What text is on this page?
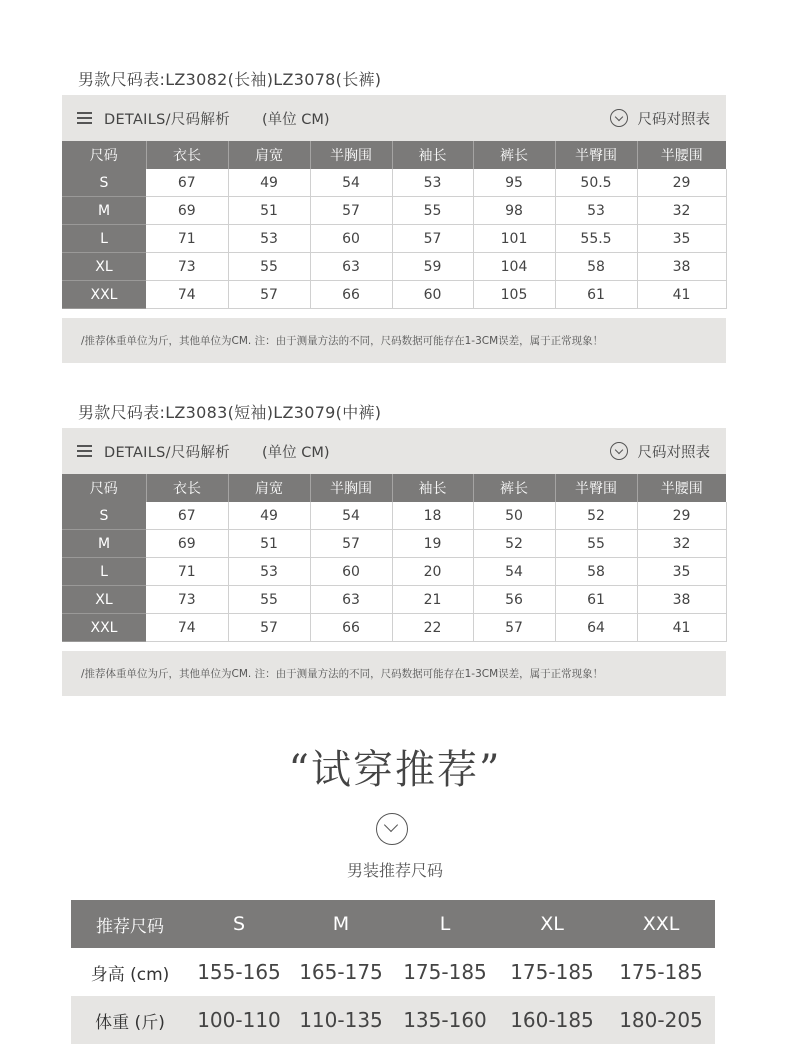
男款尺码表:LZ3082(长袖)LZ3078(长裤)
DETAILS/尺码解析 (单位 CM)	尺码对照表
尺码	衣长	肩宽	半胸围	袖长	裤长	半臀围	半腰围
S	67	49	54	53	95	50.5	29
M	69	51	57	55	98	53	32
L	71	53	60	57	101	55.5	35
XL	73	55	63	59	104	58	38
XXL	74	57	66	60	105	61	41
/推荐体重单位为斤，其他单位为CM. 注：由于测量方法的不同，尺码数据可能存在1-3CM误差，属于正常现象！
男款尺码表:LZ3083(短袖)LZ3079(中裤)
DETAILS/尺码解析 (单位 CM)	尺码对照表
尺码	衣长	肩宽	半胸围	袖长	裤长	半臀围	半腰围
S	67	49	54	18	50	52	29
M	69	51	57	19	52	55	32
L	71	53	60	20	54	58	35
XL	73	55	63	21	56	61	38
XXL	74	57	66	22	57	64	41
/推荐体重单位为斤，其他单位为CM. 注：由于测量方法的不同，尺码数据可能存在1-3CM误差，属于正常现象！
“试穿推荐”
男装推荐尺码
推荐尺码	S	M	L	XL	XXL
身高 (cm)	155-165	165-175	175-185	175-185	175-185
体重 (斤)	100-110	110-135	135-160	160-185	180-205
